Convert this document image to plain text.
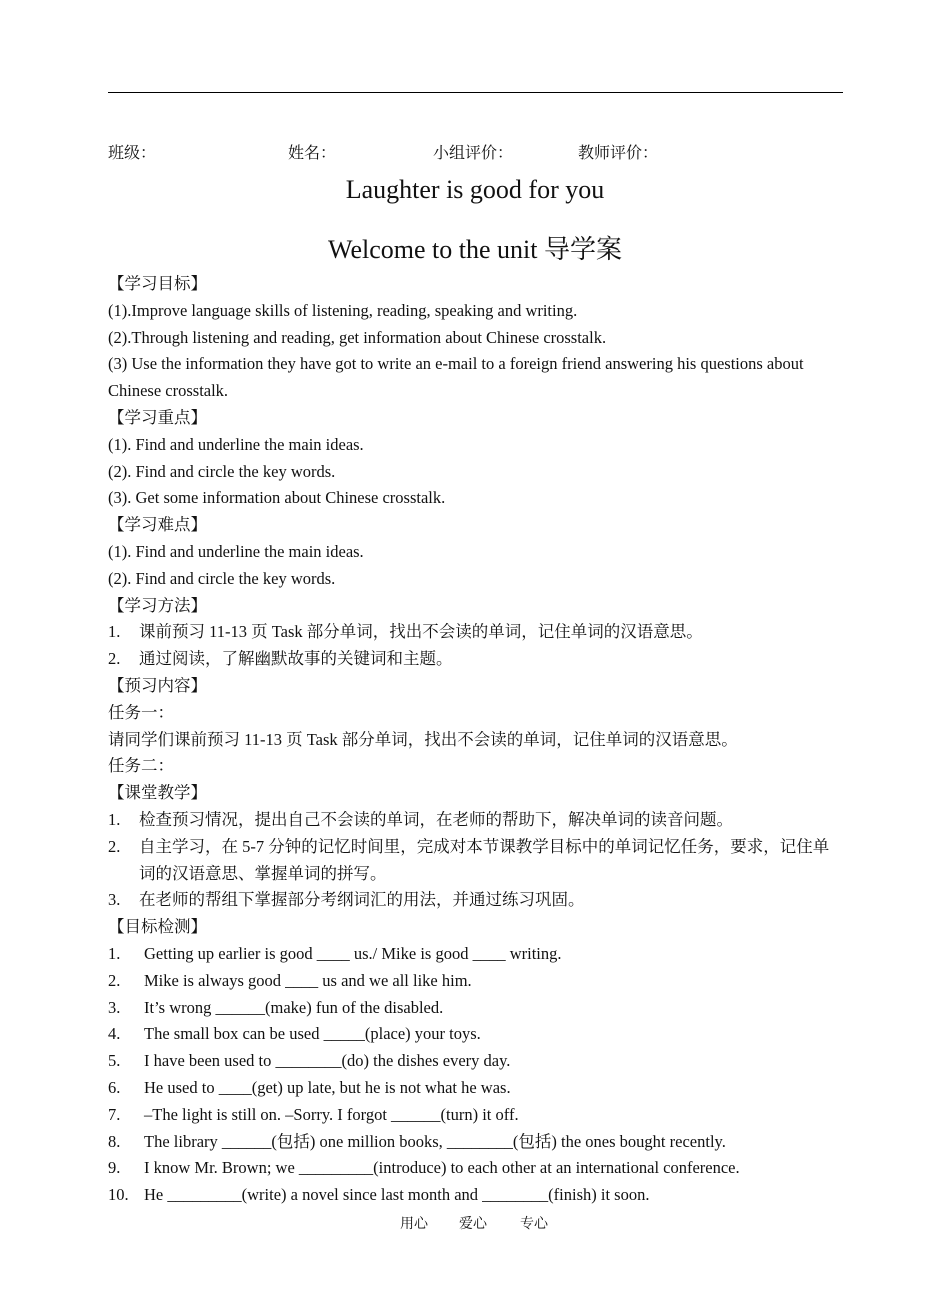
班级：	姓名：	小组评价：	教师评价：
Laughter is good for you
Welcome to the unit 导学案
【学习目标】
(1).Improve language skills of listening, reading, speaking and writing.
(2).Through listening and reading, get information about Chinese crosstalk.
(3) Use the information they have got to write an e-mail to a foreign friend answering his questions about Chinese crosstalk.
【学习重点】
(1). Find and underline the main ideas.
(2). Find and circle the key words.
(3). Get some information about Chinese crosstalk.
【学习难点】
(1). Find and underline the main ideas.
(2). Find and circle the key words.
【学习方法】
1.	课前预习 11-13 页 Task 部分单词，找出不会读的单词，记住单词的汉语意思。
2.	通过阅读，了解幽默故事的关键词和主题。
【预习内容】
任务一：
请同学们课前预习 11-13 页 Task 部分单词，找出不会读的单词，记住单词的汉语意思。
任务二：
【课堂教学】
1.	检查预习情况，提出自己不会读的单词，在老师的帮助下，解决单词的读音问题。
2.	自主学习，在 5-7 分钟的记忆时间里，完成对本节课教学目标中的单词记忆任务，要求，记住单词的汉语意思、掌握单词的拼写。
3.	在老师的帮组下掌握部分考纲词汇的用法，并通过练习巩固。
【目标检测】
1.	Getting up earlier is good ____ us./ Mike is good ____ writing.
2.	Mike is always good ____ us and we all like him.
3.	It’s wrong ______(make) fun of the disabled.
4.	The small box can be used _____(place) your toys.
5.	I have been used to ________(do) the dishes every day.
6.	He used to ____(get) up late, but he is not what he was.
7.	–The light is still on. –Sorry. I forgot ______(turn) it off.
8.	The library ______(包括) one million books, ________(包括) the ones bought recently.
9.	I know Mr. Brown; we _________(introduce) to each other at an international conference.
10. He _________(write) a novel since last month and ________(finish) it soon.
用心 爱心 专心
